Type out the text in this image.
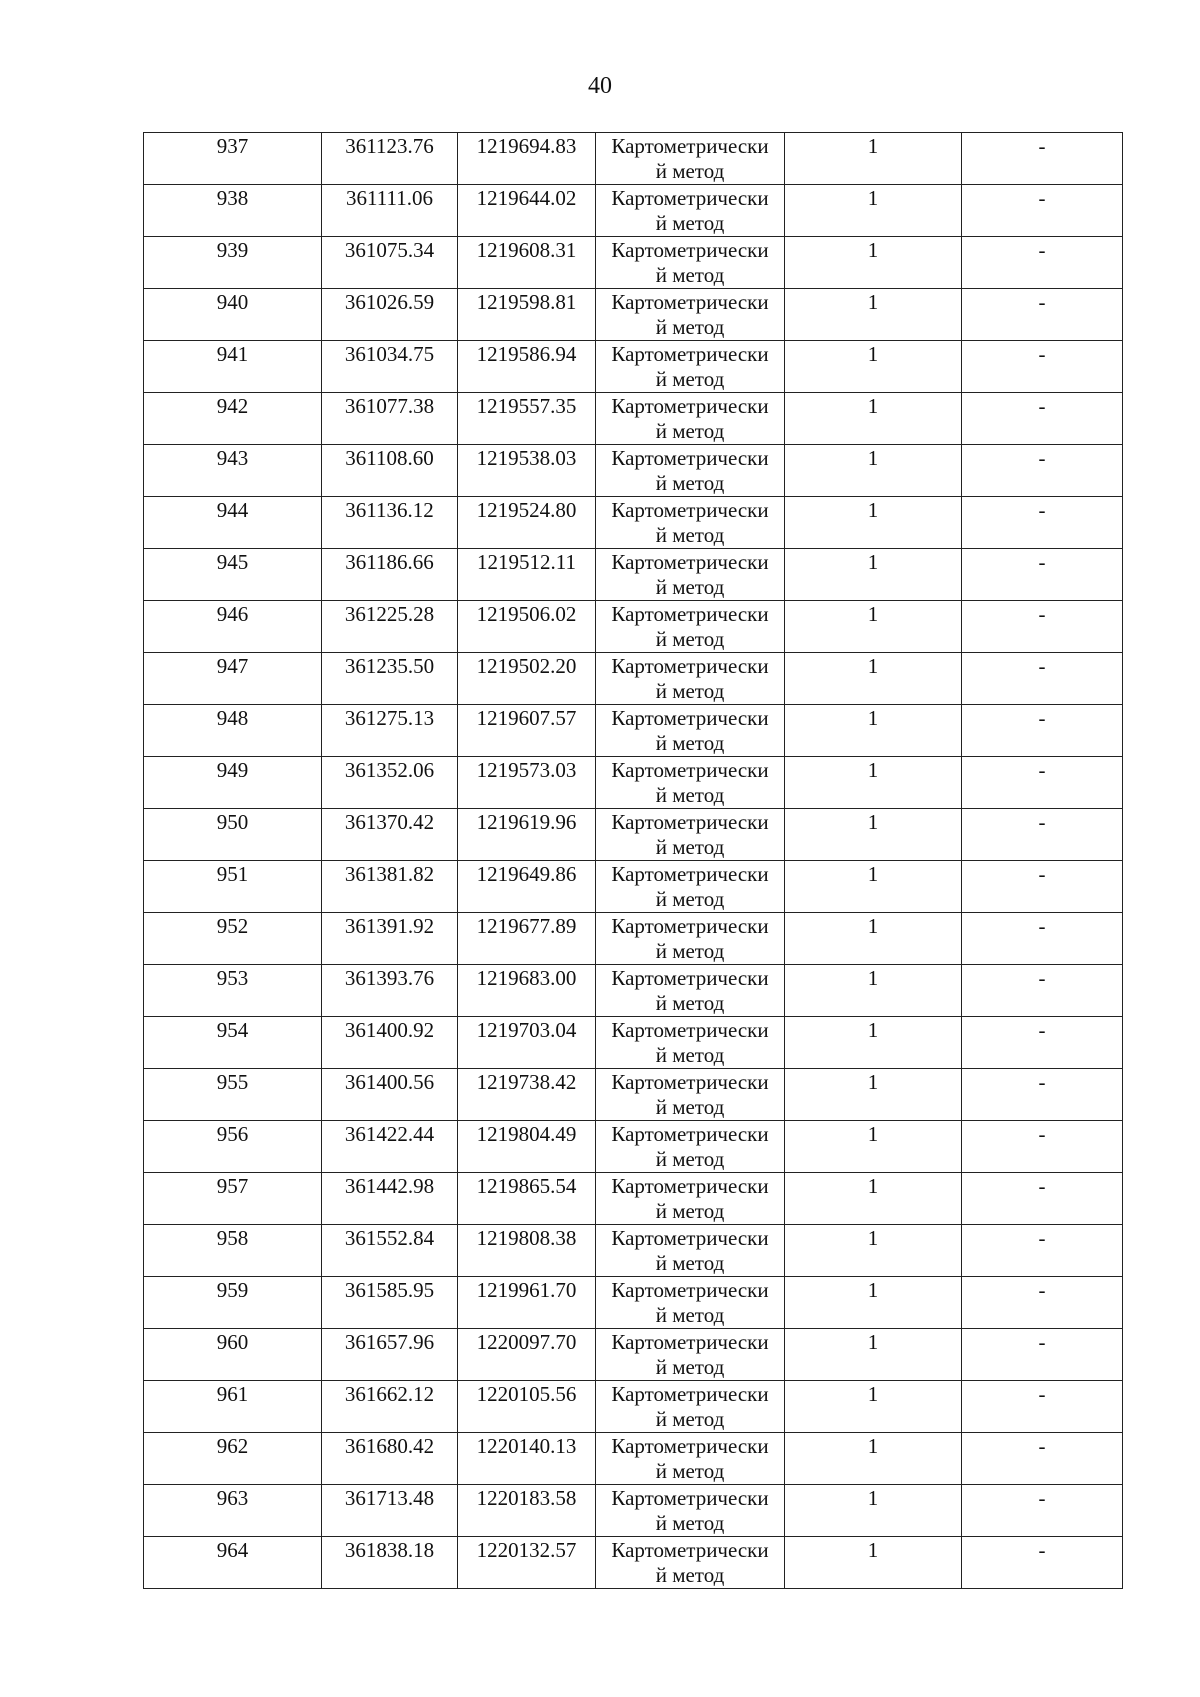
40
937	361123.76	1219694.83	Картометрически
й метод	1	-
938	361111.06	1219644.02	Картометрически
й метод	1	-
939	361075.34	1219608.31	Картометрически
й метод	1	-
940	361026.59	1219598.81	Картометрически
й метод	1	-
941	361034.75	1219586.94	Картометрически
й метод	1	-
942	361077.38	1219557.35	Картометрически
й метод	1	-
943	361108.60	1219538.03	Картометрически
й метод	1	-
944	361136.12	1219524.80	Картометрически
й метод	1	-
945	361186.66	1219512.11	Картометрически
й метод	1	-
946	361225.28	1219506.02	Картометрически
й метод	1	-
947	361235.50	1219502.20	Картометрически
й метод	1	-
948	361275.13	1219607.57	Картометрически
й метод	1	-
949	361352.06	1219573.03	Картометрически
й метод	1	-
950	361370.42	1219619.96	Картометрически
й метод	1	-
951	361381.82	1219649.86	Картометрически
й метод	1	-
952	361391.92	1219677.89	Картометрически
й метод	1	-
953	361393.76	1219683.00	Картометрически
й метод	1	-
954	361400.92	1219703.04	Картометрически
й метод	1	-
955	361400.56	1219738.42	Картометрически
й метод	1	-
956	361422.44	1219804.49	Картометрически
й метод	1	-
957	361442.98	1219865.54	Картометрически
й метод	1	-
958	361552.84	1219808.38	Картометрически
й метод	1	-
959	361585.95	1219961.70	Картометрически
й метод	1	-
960	361657.96	1220097.70	Картометрически
й метод	1	-
961	361662.12	1220105.56	Картометрически
й метод	1	-
962	361680.42	1220140.13	Картометрически
й метод	1	-
963	361713.48	1220183.58	Картометрически
й метод	1	-
964	361838.18	1220132.57	Картометрически
й метод	1	-
